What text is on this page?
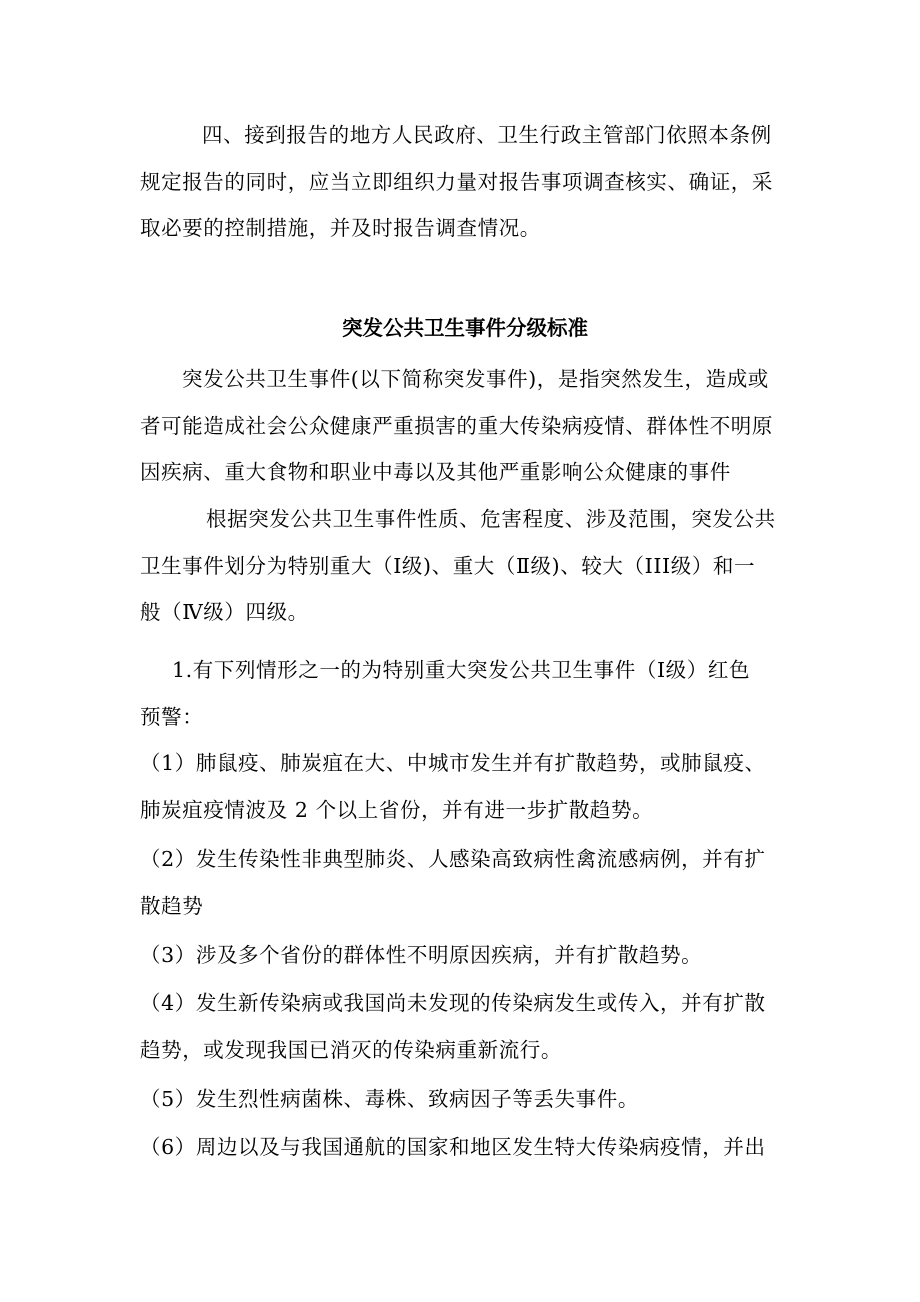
四、接到报告的地方人民政府、卫生行政主管部门依照本条例
规定报告的同时，应当立即组织力量对报告事项调查核实、确证，采
取必要的控制措施，并及时报告调查情况。
突发公共卫生事件分级标准
突发公共卫生事件(以下简称突发事件)，是指突然发生，造成或
者可能造成社会公众健康严重损害的重大传染病疫情、群体性不明原
因疾病、重大食物和职业中毒以及其他严重影响公众健康的事件
根据突发公共卫生事件性质、危害程度、涉及范围，突发公共
卫生事件划分为特别重大（Ⅰ级)、重大（Ⅱ级)、较大（III级）和一
般（Ⅳ级）四级。
1.有下列情形之一的为特别重大突发公共卫生事件（Ⅰ级）红色
预警：
（1）肺鼠疫、肺炭疽在大、中城市发生并有扩散趋势，或肺鼠疫、
肺炭疽疫情波及 2 个以上省份，并有进一步扩散趋势。
（2）发生传染性非典型肺炎、人感染高致病性禽流感病例，并有扩
散趋势
（3）涉及多个省份的群体性不明原因疾病，并有扩散趋势。
（4）发生新传染病或我国尚未发现的传染病发生或传入，并有扩散
趋势，或发现我国已消灭的传染病重新流行。
（5）发生烈性病菌株、毒株、致病因子等丢失事件。
（6）周边以及与我国通航的国家和地区发生特大传染病疫情，并出
